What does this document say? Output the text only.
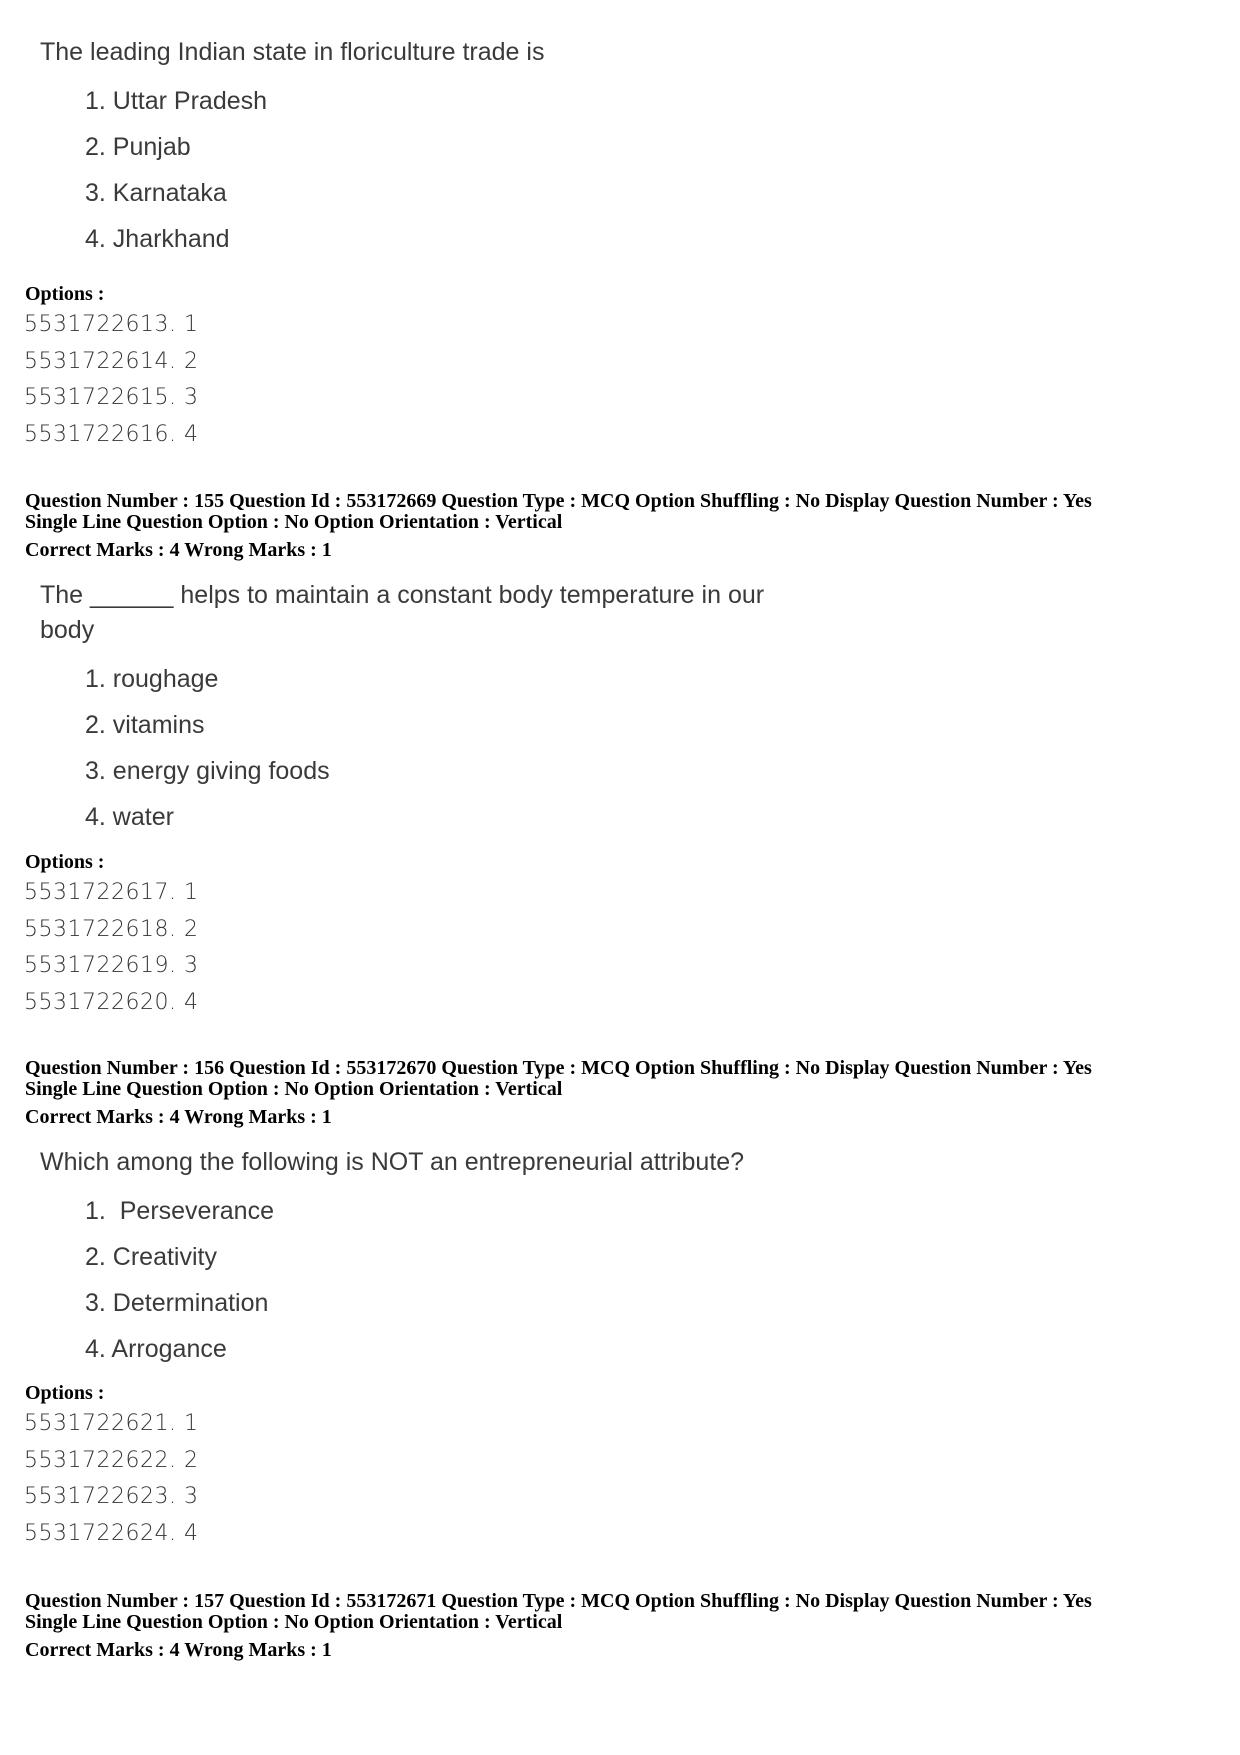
The leading Indian state in floriculture trade is

1. Uttar Pradesh
2. Punjab
3. Karnataka
4. Jharkhand

Options :

5531722613. 1
5531722614. 2
5531722615. 3
5531722616. 4
Question Number : 155 Question Id : 553172669 Question Type : MCQ Option Shuffling : No Display Question Number : Yes
Single Line Question Option : No Option Orientation : Vertical
Correct Marks : 4 Wrong Marks : 1

The ______ helps to maintain a constant body temperature in our

body

1. roughage
2. vitamins
3. energy giving foods
4. water

Options :

5531722617. 1
5531722618. 2
5531722619. 3
5531722620. 4
Question Number : 156 Question Id : 553172670 Question Type : MCQ Option Shuffling : No Display Question Number : Yes
Single Line Question Option : No Option Orientation : Vertical
Correct Marks : 4 Wrong Marks : 1

Which among the following is NOT an entrepreneurial attribute?

1.  Perseverance
2. Creativity
3. Determination
4. Arrogance

Options :

5531722621. 1
5531722622. 2
5531722623. 3
5531722624. 4
Question Number : 157 Question Id : 553172671 Question Type : MCQ Option Shuffling : No Display Question Number : Yes
Single Line Question Option : No Option Orientation : Vertical
Correct Marks : 4 Wrong Marks : 1
